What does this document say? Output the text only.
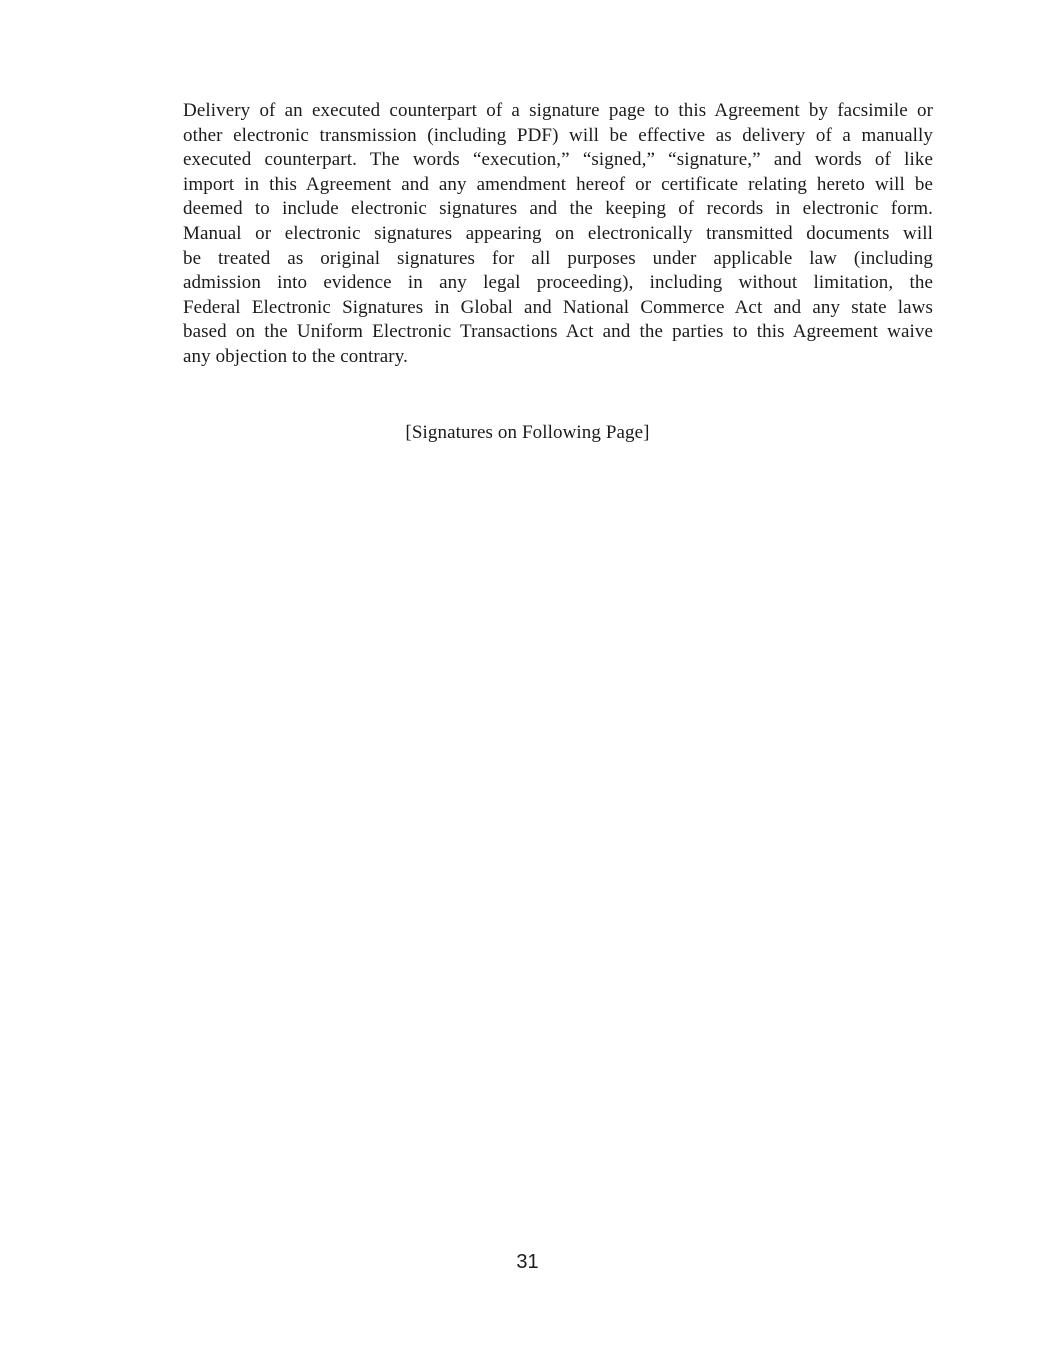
Delivery of an executed counterpart of a signature page to this Agreement by facsimile or
other electronic transmission (including PDF) will be effective as delivery of a manually
executed counterpart. The words “execution,” “signed,” “signature,” and words of like
import in this Agreement and any amendment hereof or certificate relating hereto will be
deemed to include electronic signatures and the keeping of records in electronic form.
Manual or electronic signatures appearing on electronically transmitted documents will
be treated as original signatures for all purposes under applicable law (including
admission into evidence in any legal proceeding), including without limitation, the
Federal Electronic Signatures in Global and National Commerce Act and any state laws
based on the Uniform Electronic Transactions Act and the parties to this Agreement waive
any objection to the contrary.
[Signatures on Following Page]
31
